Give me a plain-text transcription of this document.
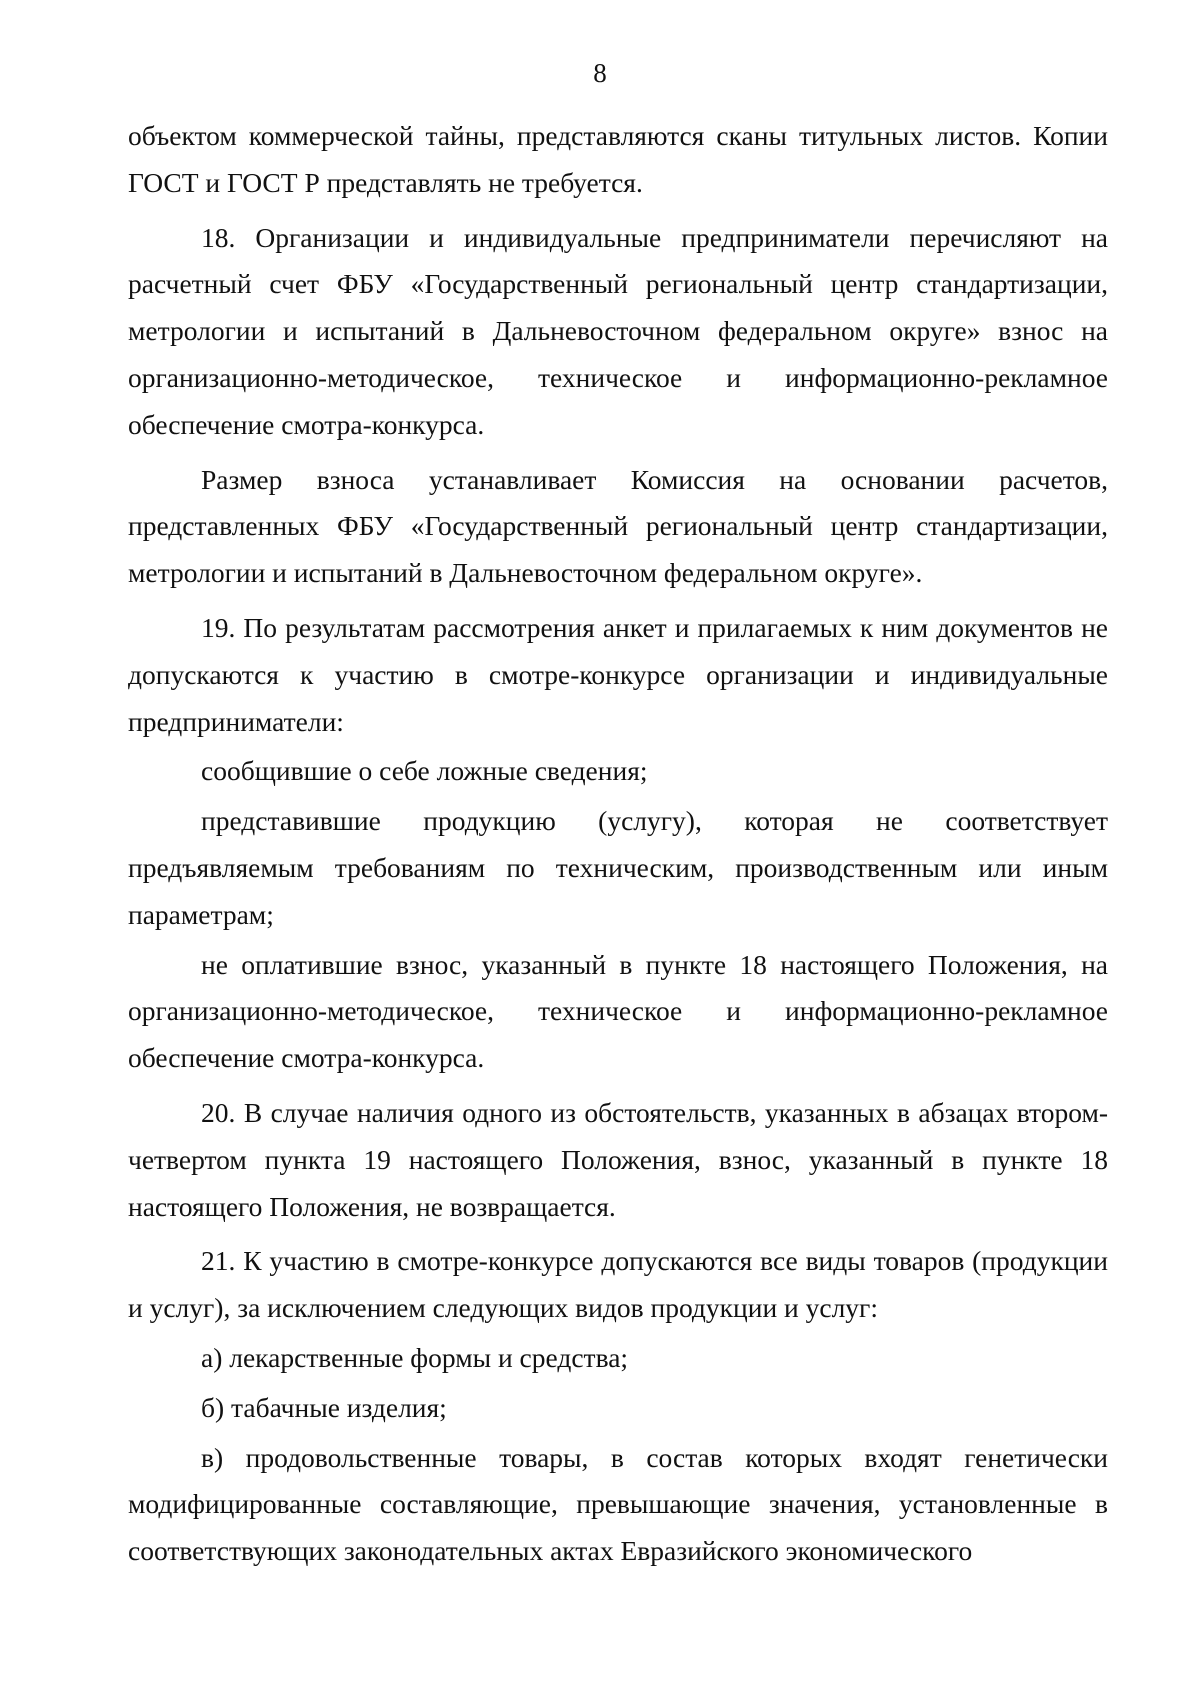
8

объектом коммерческой тайны, представляются сканы титульных листов. Копии ГОСТ и ГОСТ Р представлять не требуется.

18. Организации и индивидуальные предприниматели перечисляют на расчетный счет ФБУ «Государственный региональный центр стандартизации, метрологии и испытаний в Дальневосточном федеральном округе» взнос на организационно-методическое, техническое и информационно-рекламное обеспечение смотра-конкурса.

Размер взноса устанавливает Комиссия на основании расчетов, представленных ФБУ «Государственный региональный центр стандартизации, метрологии и испытаний в Дальневосточном федеральном округе».

19. По результатам рассмотрения анкет и прилагаемых к ним документов не допускаются к участию в смотре-конкурсе организации и индивидуальные предприниматели:

сообщившие о себе ложные сведения;

представившие продукцию (услугу), которая не соответствует предъявляемым требованиям по техническим, производственным или иным параметрам;

не оплатившие взнос, указанный в пункте 18 настоящего Положения, на организационно-методическое, техническое и информационно-рекламное обеспечение смотра-конкурса.

20. В случае наличия одного из обстоятельств, указанных в абзацах втором-четвертом пункта 19 настоящего Положения, взнос, указанный в пункте 18 настоящего Положения, не возвращается.

21. К участию в смотре-конкурсе допускаются все виды товаров (продукции и услуг), за исключением следующих видов продукции и услуг:

а) лекарственные формы и средства;

б) табачные изделия;

в) продовольственные товары, в состав которых входят генетически модифицированные составляющие, превышающие значения, установленные в соответствующих законодательных актах Евразийского экономического
